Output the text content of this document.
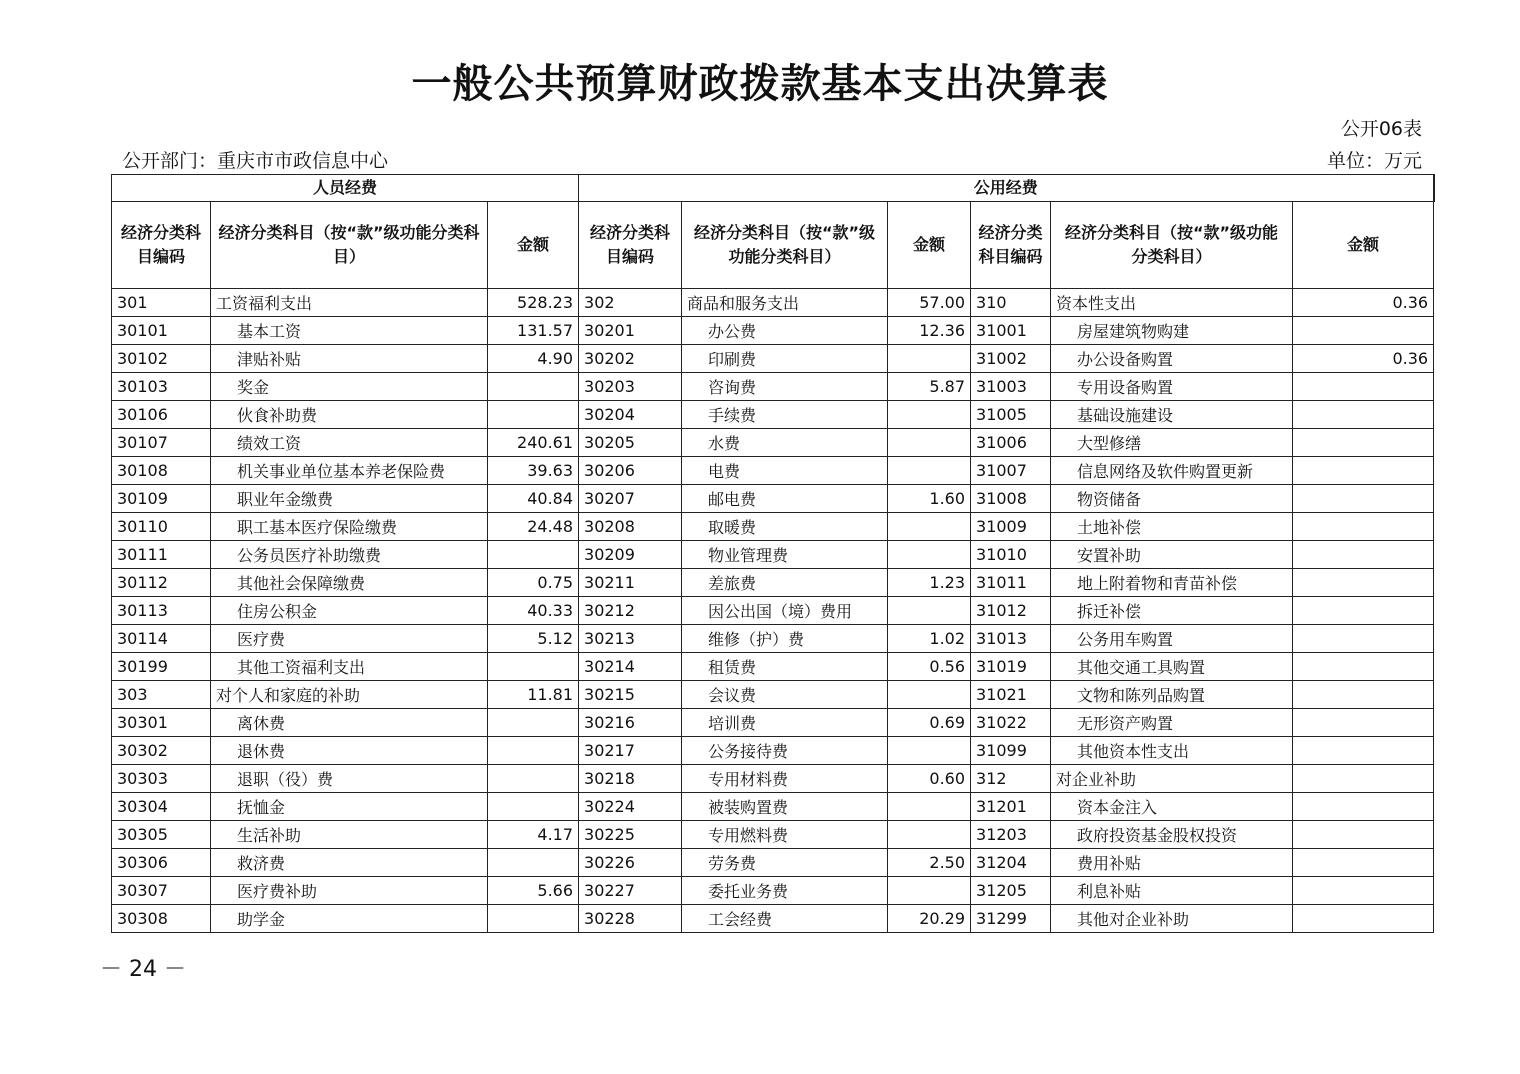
一般公共预算财政拨款基本支出决算表
公开06表
公开部门：重庆市市政信息中心	单位：万元
人员经费			公用经费					
经济分类科目编码	经济分类科目（按“款”级功能分类科目）	金额	经济分类科目编码	经济分类科目（按“款”级功能分类科目）	金额	经济分类科目编码	经济分类科目（按“款”级功能分类科目）	金额
301	工资福利支出	528.23	302	商品和服务支出	57.00	310	资本性支出	0.36
30101	基本工资	131.57	30201	办公费	12.36	31001	房屋建筑物购建	
30102	津贴补贴	4.90	30202	印刷费		31002	办公设备购置	0.36
30103	奖金		30203	咨询费	5.87	31003	专用设备购置	
30106	伙食补助费		30204	手续费		31005	基础设施建设	
30107	绩效工资	240.61	30205	水费		31006	大型修缮	
30108	机关事业单位基本养老保险费	39.63	30206	电费		31007	信息网络及软件购置更新	
30109	职业年金缴费	40.84	30207	邮电费	1.60	31008	物资储备	
30110	职工基本医疗保险缴费	24.48	30208	取暖费		31009	土地补偿	
30111	公务员医疗补助缴费		30209	物业管理费		31010	安置补助	
30112	其他社会保障缴费	0.75	30211	差旅费	1.23	31011	地上附着物和青苗补偿	
30113	住房公积金	40.33	30212	因公出国（境）费用		31012	拆迁补偿	
30114	医疗费	5.12	30213	维修（护）费	1.02	31013	公务用车购置	
30199	其他工资福利支出		30214	租赁费	0.56	31019	其他交通工具购置	
303	对个人和家庭的补助	11.81	30215	会议费		31021	文物和陈列品购置	
30301	离休费		30216	培训费	0.69	31022	无形资产购置	
30302	退休费		30217	公务接待费		31099	其他资本性支出	
30303	退职（役）费		30218	专用材料费	0.60	312	对企业补助	
30304	抚恤金		30224	被装购置费		31201	资本金注入	
30305	生活补助	4.17	30225	专用燃料费		31203	政府投资基金股权投资	
30306	救济费		30226	劳务费	2.50	31204	费用补贴	
30307	医疗费补助	5.66	30227	委托业务费		31205	利息补贴	
30308	助学金		30228	工会经费	20.29	31299	其他对企业补助	
－ 24 －
